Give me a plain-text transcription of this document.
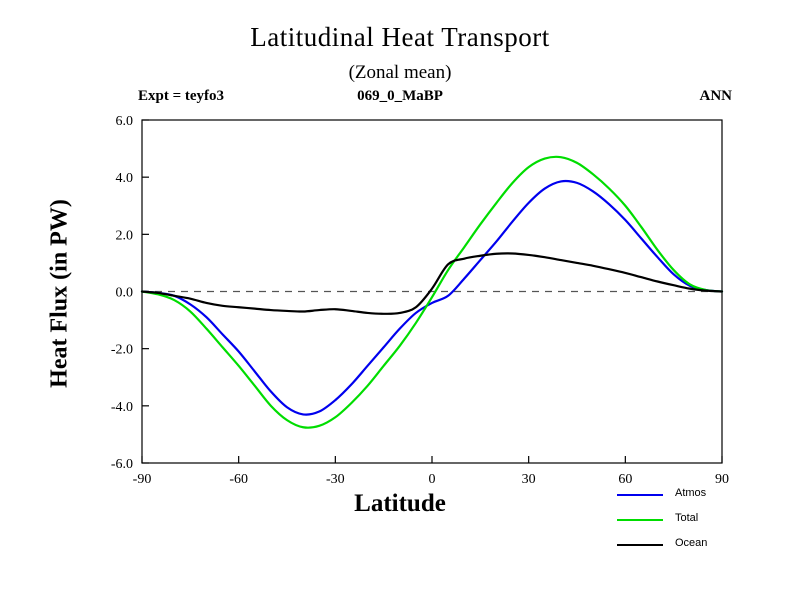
Latitudinal Heat Transport
(Zonal mean)
Expt = teyfo3	069_0_MaBP	ANN
Heat Flux (in PW)
Latitude
-90	-60	-30	0	30	60	90
6.0
4.0
2.0
0.0
-2.0
-4.0
-6.0
Atmos
Total
Ocean
